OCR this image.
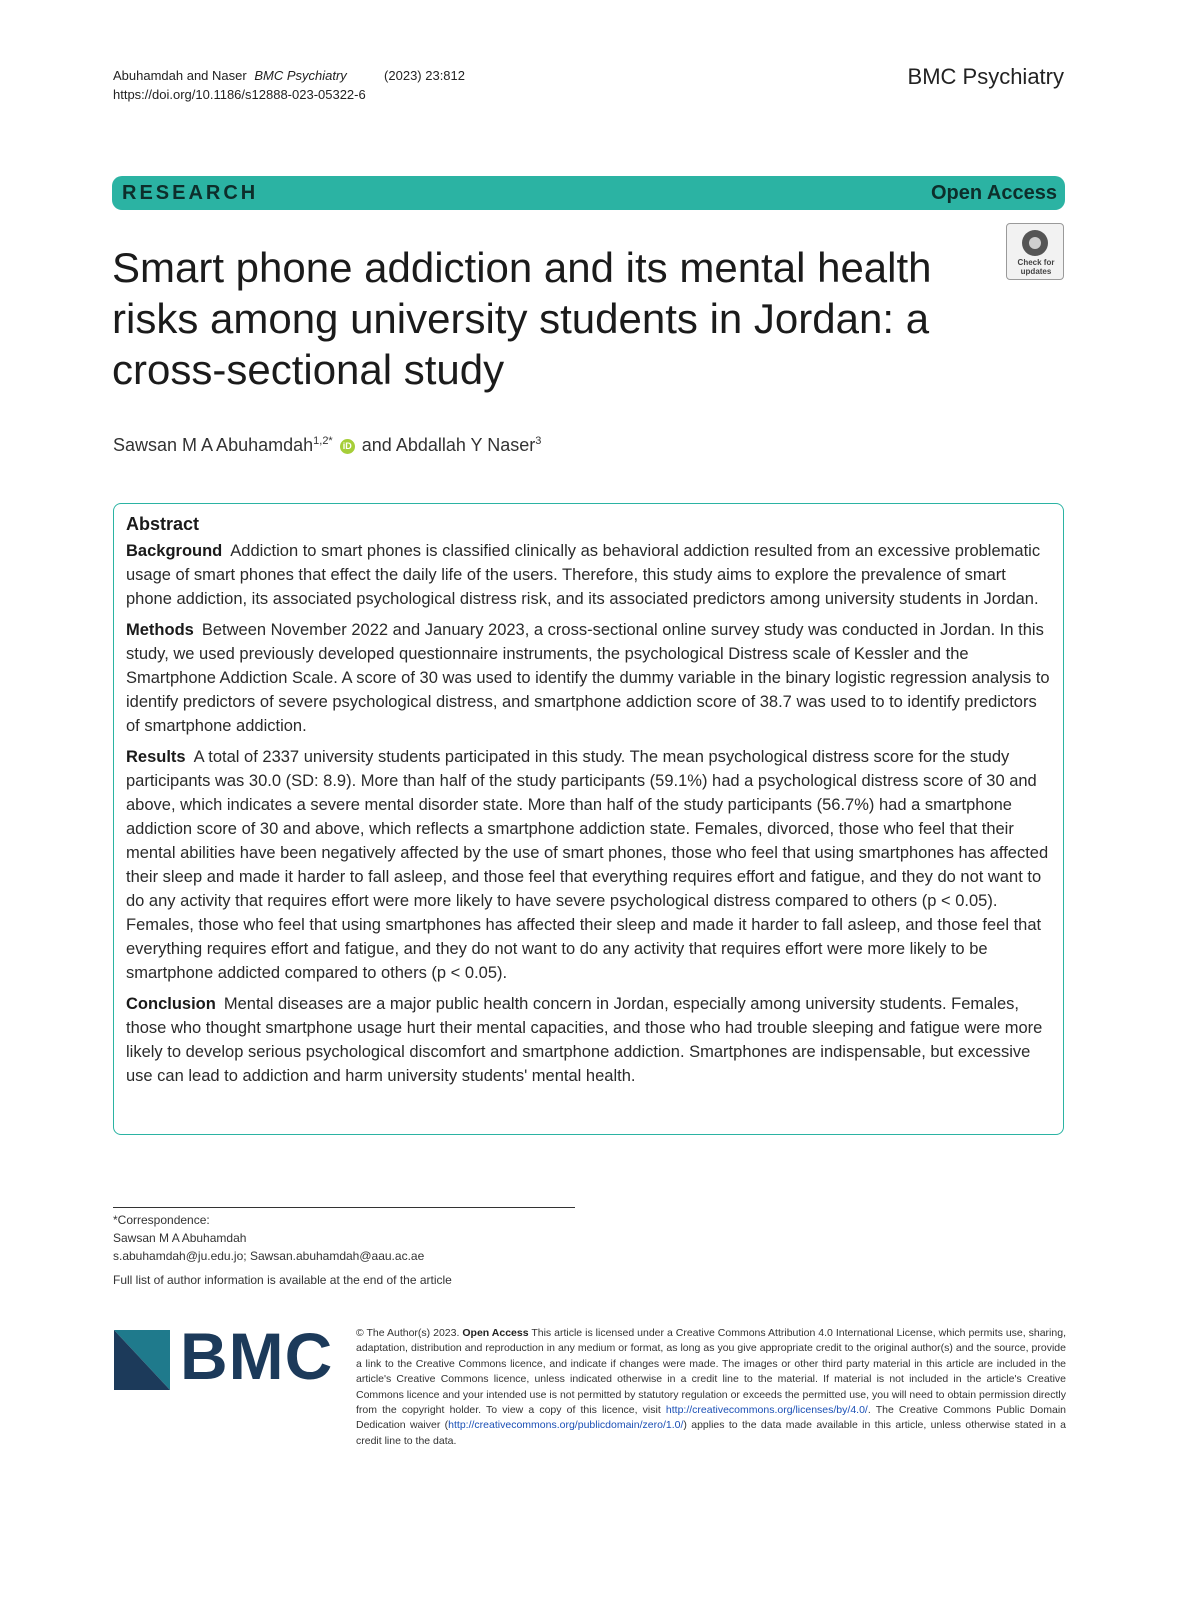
Abuhamdah and Naser BMC Psychiatry	(2023) 23:812
https://doi.org/10.1186/s12888-023-05322-6
BMC Psychiatry
RESEARCH	Open Access
Smart phone addiction and its mental health risks among university students in Jordan: a cross-sectional study
Check for updates
Sawsan M A Abuhamdah$^{1,2*}$ iD and Abdallah Y Naser$^3$
Abstract

Background Addiction to smart phones is classified clinically as behavioral addiction resulted from an excessive problematic usage of smart phones that effect the daily life of the users. Therefore, this study aims to explore the prevalence of smart phone addiction, its associated psychological distress risk, and its associated predictors among university students in Jordan.

Methods Between November 2022 and January 2023, a cross-sectional online survey study was conducted in Jordan. In this study, we used previously developed questionnaire instruments, the psychological Distress scale of Kessler and the Smartphone Addiction Scale. A score of 30 was used to identify the dummy variable in the binary logistic regression analysis to identify predictors of severe psychological distress, and smartphone addiction score of 38.7 was used to to identify predictors of smartphone addiction.

Results A total of 2337 university students participated in this study. The mean psychological distress score for the study participants was 30.0 (SD: 8.9). More than half of the study participants (59.1%) had a psychological distress score of 30 and above, which indicates a severe mental disorder state. More than half of the study participants (56.7%) had a smartphone addiction score of 30 and above, which reflects a smartphone addiction state. Females, divorced, those who feel that their mental abilities have been negatively affected by the use of smart phones, those who feel that using smartphones has affected their sleep and made it harder to fall asleep, and those feel that everything requires effort and fatigue, and they do not want to do any activity that requires effort were more likely to have severe psychological distress compared to others (p < 0.05). Females, those who feel that using smartphones has affected their sleep and made it harder to fall asleep, and those feel that everything requires effort and fatigue, and they do not want to do any activity that requires effort were more likely to be smartphone addicted compared to others (p < 0.05).

Conclusion Mental diseases are a major public health concern in Jordan, especially among university students. Females, those who thought smartphone usage hurt their mental capacities, and those who had trouble sleeping and fatigue were more likely to develop serious psychological discomfort and smartphone addiction. Smartphones are indispensable, but excessive use can lead to addiction and harm university students' mental health.

*Correspondence:
Sawsan M A Abuhamdah
s.abuhamdah@ju.edu.jo; Sawsan.abuhamdah@aau.ac.ae
Full list of author information is available at the end of the article
BMC © The Author(s) 2023. Open Access This article is licensed under a Creative Commons Attribution 4.0 International License, which permits use, sharing, adaptation, distribution and reproduction in any medium or format, as long as you give appropriate credit to the original author(s) and the source, provide a link to the Creative Commons licence, and indicate if changes were made. The images or other third party material in this article are included in the article's Creative Commons licence, unless indicated otherwise in a credit line to the material. If material is not included in the article's Creative Commons licence and your intended use is not permitted by statutory regulation or exceeds the permitted use, you will need to obtain permission directly from the copyright holder. To view a copy of this licence, visit http://creativecommons.org/licenses/by/4.0/. The Creative Commons Public Domain Dedication waiver (http://creativecommons.org/publicdomain/zero/1.0/) applies to the data made available in this article, unless otherwise stated in a credit line to the data.
